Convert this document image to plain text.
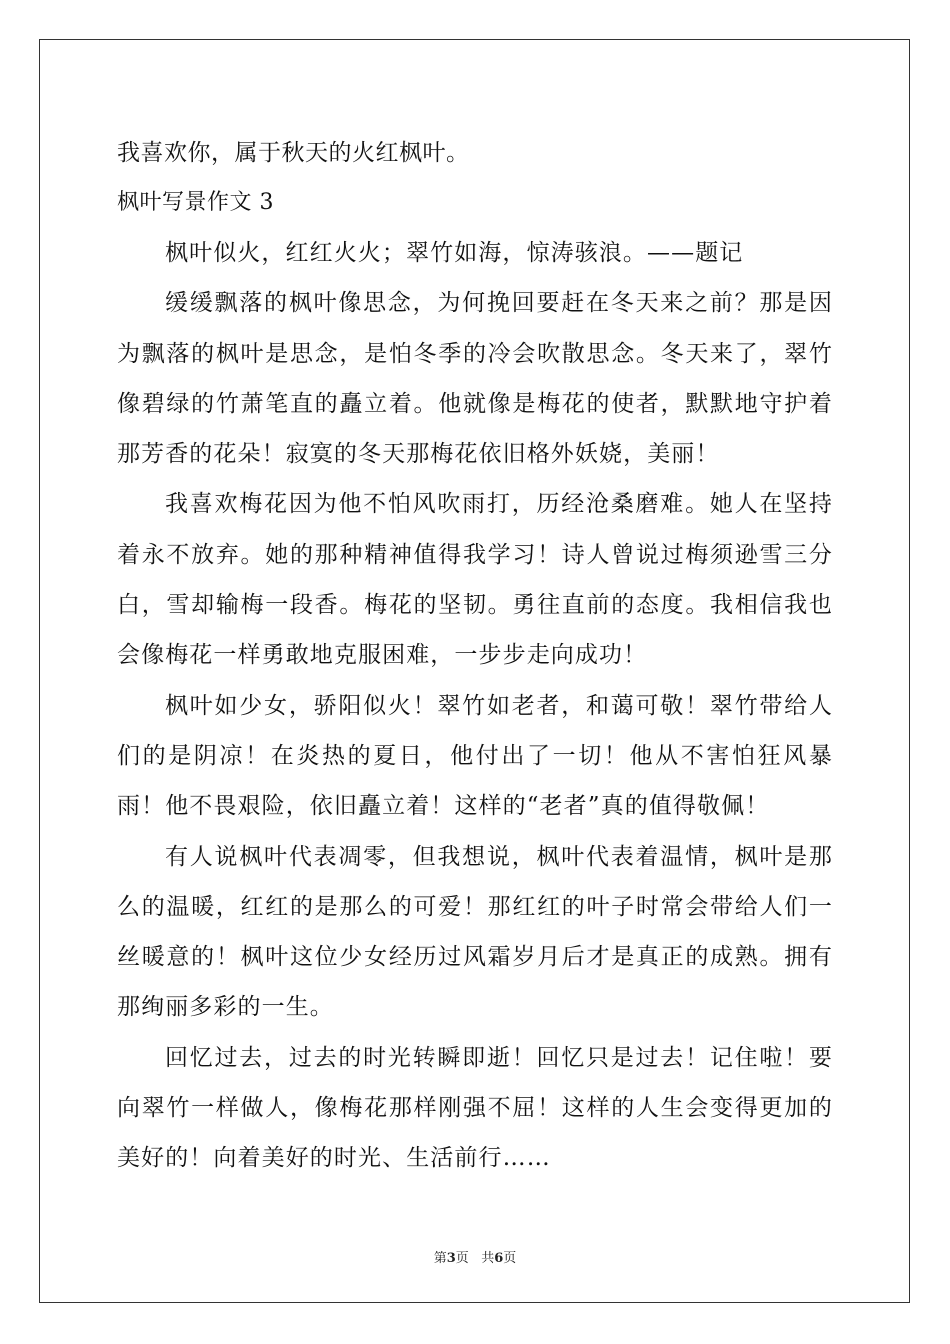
我喜欢你，属于秋天的火红枫叶。
枫叶写景作文 3

枫叶似火，红红火火；翠竹如海，惊涛骇浪。——题记

缓缓飘落的枫叶像思念，为何挽回要赶在冬天来之前？那是因为飘落的枫叶是思念，是怕冬季的冷会吹散思念。冬天来了，翠竹像碧绿的竹萧笔直的矗立着。他就像是梅花的使者，默默地守护着那芳香的花朵！寂寞的冬天那梅花依旧格外妖娆，美丽！

我喜欢梅花因为他不怕风吹雨打，历经沧桑磨难。她人在坚持着永不放弃。她的那种精神值得我学习！诗人曾说过梅须逊雪三分白，雪却输梅一段香。梅花的坚韧。勇往直前的态度。我相信我也会像梅花一样勇敢地克服困难，一步步走向成功！

枫叶如少女，骄阳似火！翠竹如老者，和蔼可敬！翠竹带给人们的是阴凉！在炎热的夏日，他付出了一切！他从不害怕狂风暴雨！他不畏艰险，依旧矗立着！这样的“老者”真的值得敬佩！

有人说枫叶代表凋零，但我想说，枫叶代表着温情，枫叶是那么的温暖，红红的是那么的可爱！那红红的叶子时常会带给人们一丝暖意的！枫叶这位少女经历过风霜岁月后才是真正的成熟。拥有那绚丽多彩的一生。

回忆过去，过去的时光转瞬即逝！回忆只是过去！记住啦！要向翠竹一样做人，像梅花那样刚强不屈！这样的人生会变得更加的美好的！向着美好的时光、生活前行……

第3页 共6页
